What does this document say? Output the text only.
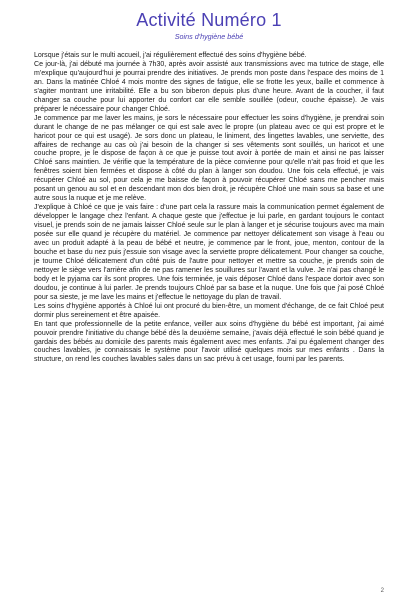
Activité Numéro 1
Soins d'hygiène bébé

Lorsque j'étais sur le multi accueil, j'ai régulièrement effectué des soins d'hygiène bébé.

Ce jour-là, j'ai débuté ma journée à 7h30, après avoir assisté aux transmissions avec ma tutrice de stage, elle m'explique qu'aujourd'hui je pourrai prendre des initiatives. Je prends mon poste dans l'espace des moins de 1 an. Dans la matinée Chloé 4 mois montre des signes de fatigue, elle se frotte les yeux, baille et commence à s'agiter montrant une irritabilité. Elle a bu son biberon depuis plus d'une heure. Avant de la coucher, il faut changer sa couche pour lui apporter du confort car elle semble souillée (odeur, couche épaisse). Je vais préparer le nécessaire pour changer Chloé.

Je commence par me laver les mains, je sors le nécessaire pour effectuer les soins d'hygiène, je prendrai soin durant le change de ne pas mélanger ce qui est sale avec le propre (un plateau avec ce qui est propre et le haricot pour ce qui est usagé). Je sors donc un plateau, le liniment, des lingettes lavables, une serviette, des affaires de rechange au cas où j'ai besoin de la changer si ses vêtements sont souillés, un haricot et une couche propre, je le dispose de façon à ce que je puisse tout avoir à portée de main et ainsi ne pas laisser Chloé sans maintien. Je vérifie que la température de la pièce convienne pour qu'elle n'ait pas froid et que les fenêtres soient bien fermées et dispose à côté du plan à langer son doudou. Une fois cela effectué, je vais récupérer Chloé au sol, pour cela je me baisse de façon à pouvoir récupérer Chloé sans me pencher mais posant un genou au sol et en descendant mon dos bien droit, je récupère Chloé une main sous sa base et une autre sous la nuque et je me relève.

J'explique à Chloé ce que je vais faire : d'une part cela la rassure mais la communication permet également de développer le langage chez l'enfant. A chaque geste que j'effectue je lui parle, en gardant toujours le contact visuel, je prends soin de ne jamais laisser Chloé seule sur le plan à langer et je sécurise toujours avec ma main posée sur elle quand je récupère du matériel. Je commence par nettoyer délicatement son visage à l'eau ou avec un produit adapté à la peau de bébé et neutre, je commence par le front, joue, menton, contour de la bouche et base du nez puis j'essuie son visage avec la serviette propre délicatement. Pour changer sa couche, je tourne Chloé délicatement d'un côté puis de l'autre pour nettoyer et mettre sa couche, je prends soin de nettoyer le siège vers l'arrière afin de ne pas ramener les souillures sur l'avant et la vulve. Je n'ai pas changé le body et le pyjama car ils sont propres. Une fois terminée, je vais déposer Chloé dans l'espace dortoir avec son doudou, je continue à lui parler. Je prends toujours Chloé par sa base et la nuque. Une fois que j'ai posé Chloé pour sa sieste, je me lave les mains et j'effectue le nettoyage du plan de travail.

Les soins d'hygiène apportés à Chloé lui ont procuré du bien-être, un moment d'échange, de ce fait Chloé peut dormir plus sereinement et être apaisée.

En tant que professionnelle de la petite enfance, veiller aux soins d'hygiène du bébé est important, j'ai aimé pouvoir prendre l'initiative du change bébé dès la deuxième semaine, j'avais déjà effectué le soin bébé quand je gardais des bébés au domicile des parents mais également avec mes enfants. J'ai pu également changer des couches lavables, je connaissais le système pour l'avoir utilisé quelques mois sur mes enfants . Dans la structure, on rend les couches lavables sales dans un sac prévu à cet usage, fourni par les parents.

2
